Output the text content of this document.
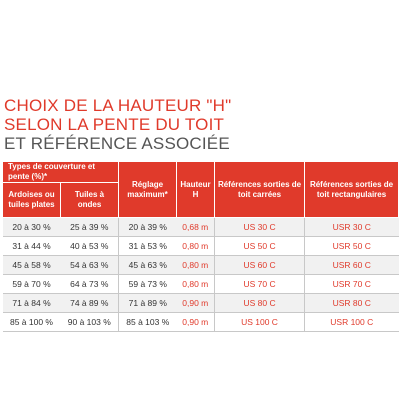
CHOIX DE LA HAUTEUR "H"
SELON LA PENTE DU TOIT
ET RÉFÉRENCE ASSOCIÉE
Types de couverture et pente (%)*		Réglage maximum*	Hauteur H	Références sorties de toit carrées	Références sorties de toit rectangulaires
Ardoises ou tuiles plates	Tuiles à ondes				
20 à 30 %	25 à 39 %	20 à 39 %	0,68 m	US 30 C	USR 30 C
31 à 44 %	40 à 53 %	31 à 53 %	0,80 m	US 50 C	USR 50 C
45 à 58 %	54 à 63 %	45 à 63 %	0,80 m	US 60 C	USR 60 C
59 à 70 %	64 à 73 %	59 à 73 %	0,80 m	US 70 C	USR 70 C
71 à 84 %	74 à 89 %	71 à 89 %	0,90 m	US 80 C	USR 80 C
85 à 100 %	90 à 103 %	85 à 103 %	0,90 m	US 100 C	USR 100 C
